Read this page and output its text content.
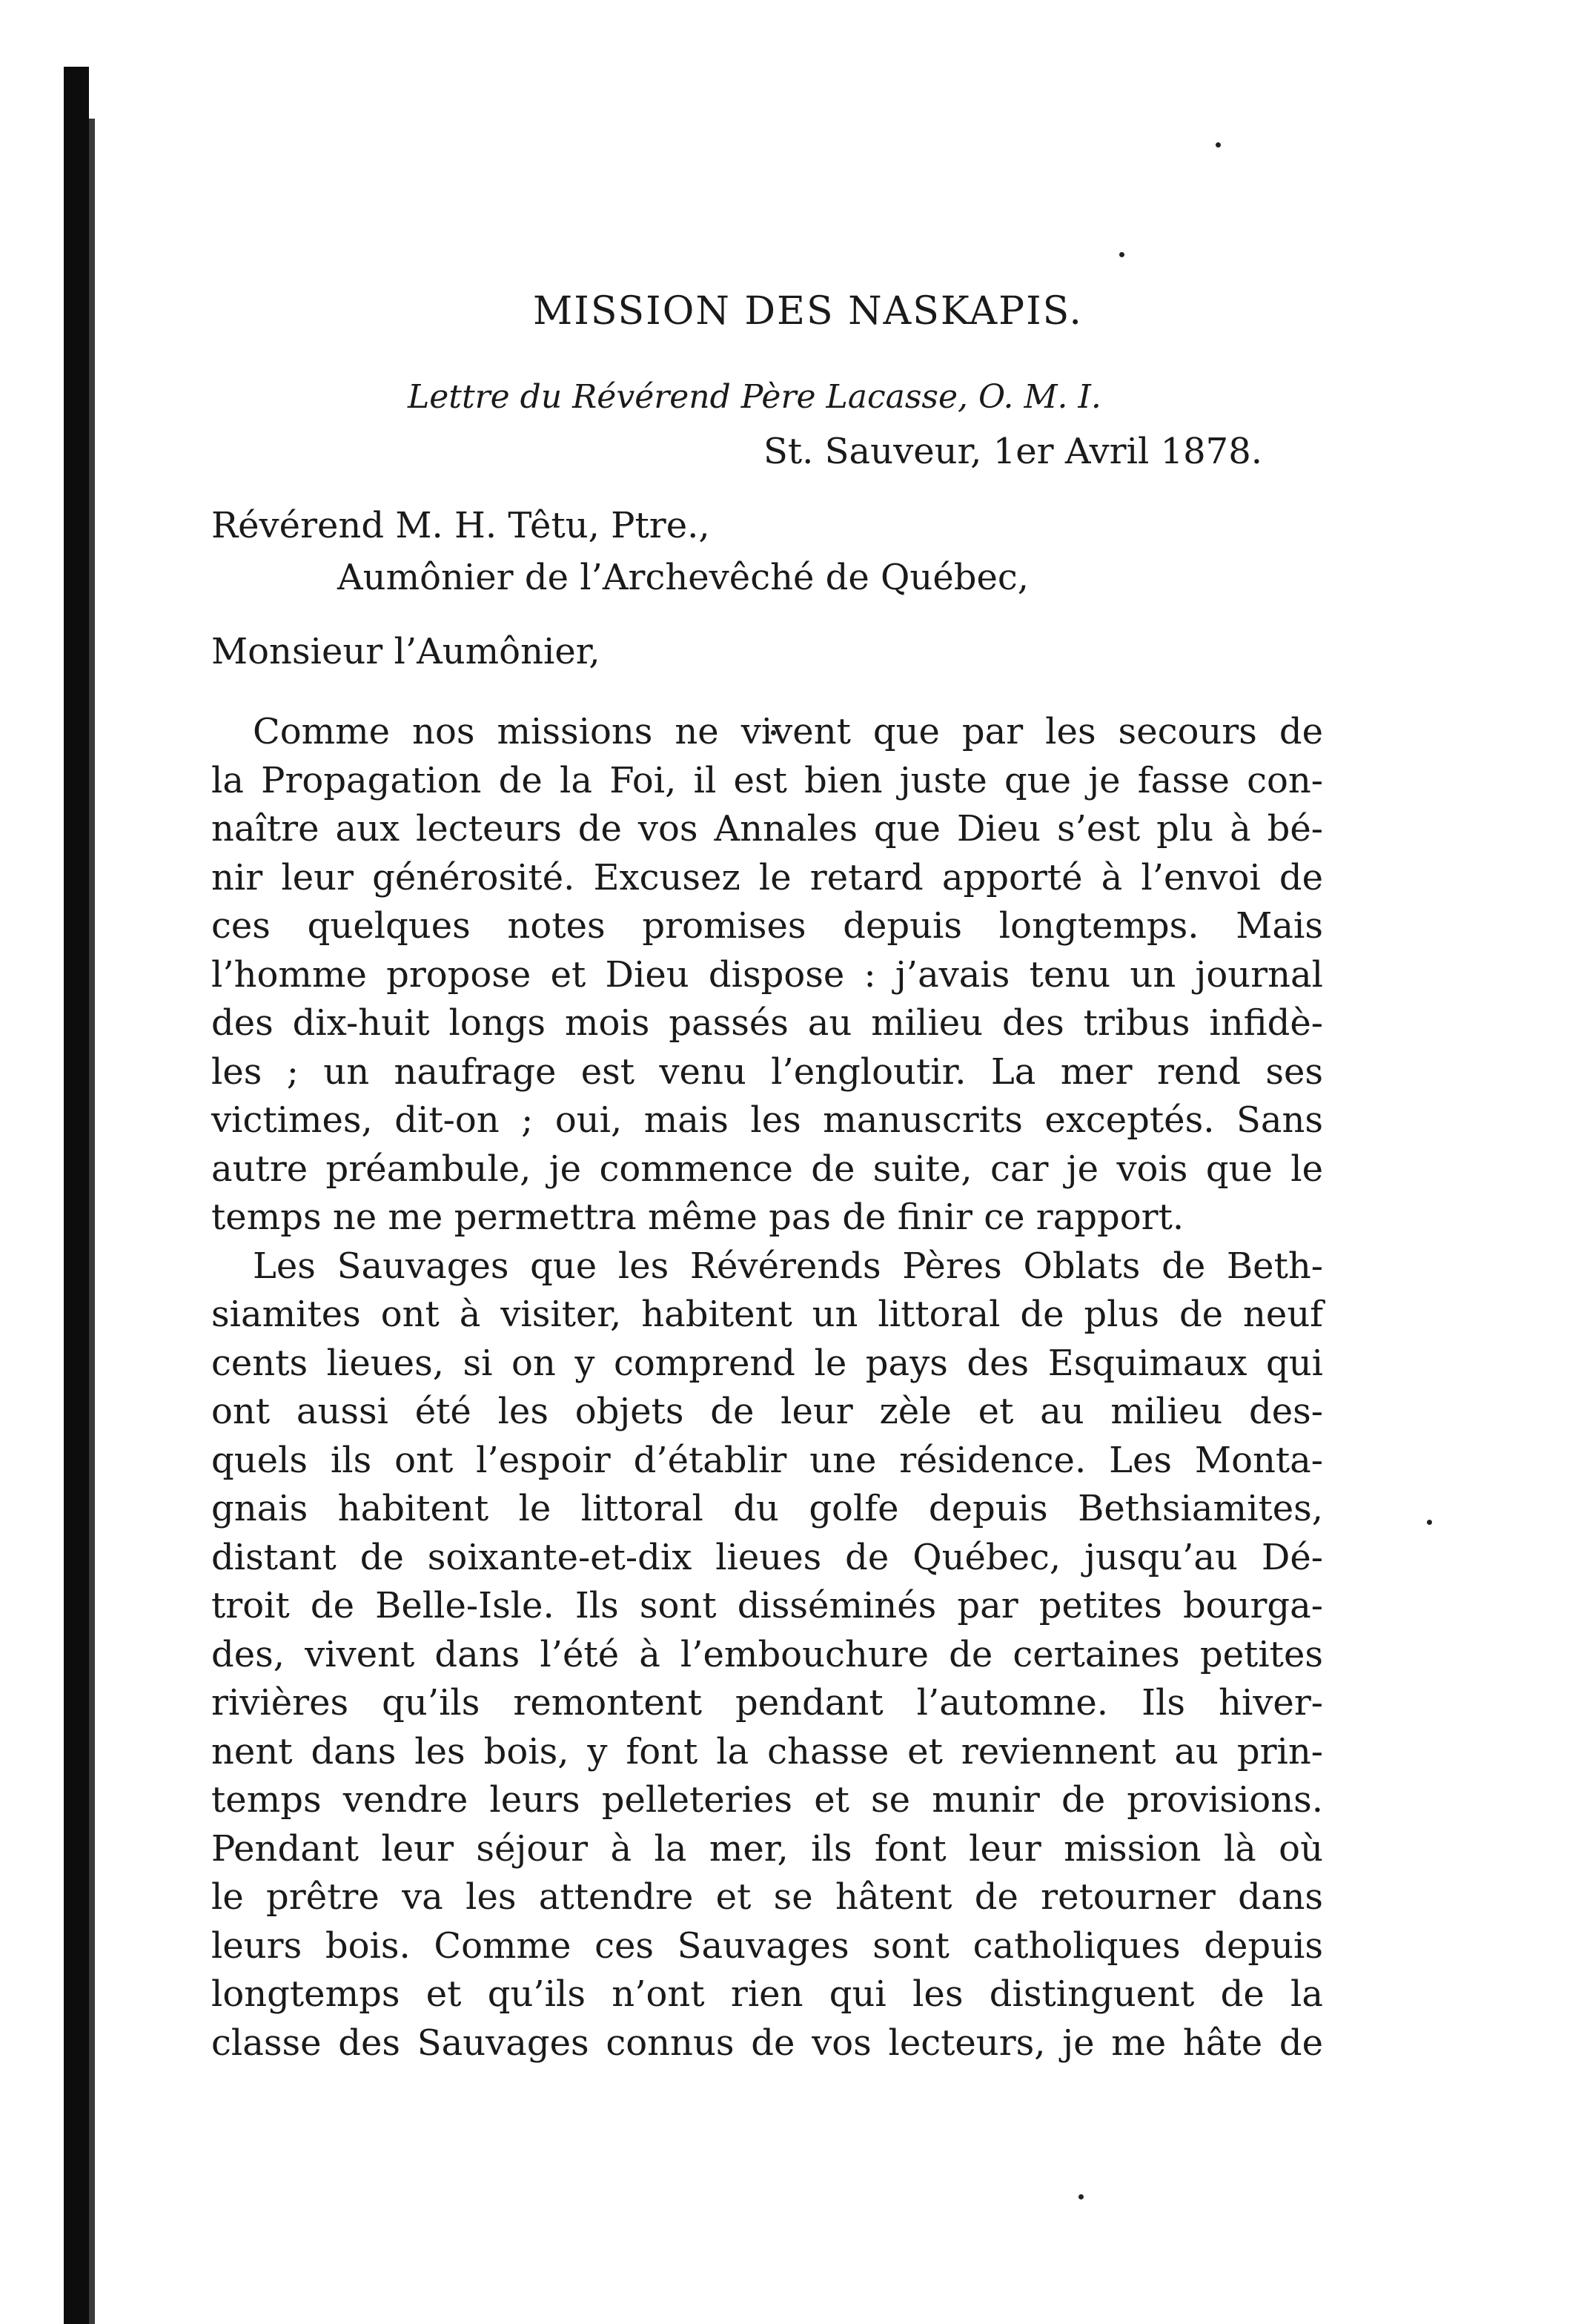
MISSION DES NASKAPIS.
Lettre du Révérend Père Lacasse, O. M. I.
St. Sauveur, 1er Avril 1878.
Révérend M. H. Têtu, Ptre.,
Aumônier de l’Archevêché de Québec,
Monsieur l’Aumônier,
Comme nos missions ne vivent que par les secours de
la Propagation de la Foi, il est bien juste que je fasse con-
naître aux lecteurs de vos Annales que Dieu s’est plu à bé-
nir leur générosité. Excusez le retard apporté à l’envoi de
ces quelques notes promises depuis longtemps. Mais
l’homme propose et Dieu dispose : j’avais tenu un journal
des dix-huit longs mois passés au milieu des tribus infidè-
les ; un naufrage est venu l’engloutir. La mer rend ses
victimes, dit-on ; oui, mais les manuscrits exceptés. Sans
autre préambule, je commence de suite, car je vois que le
temps ne me permettra même pas de finir ce rapport.
Les Sauvages que les Révérends Pères Oblats de Beth-
siamites ont à visiter, habitent un littoral de plus de neuf
cents lieues, si on y comprend le pays des Esquimaux qui
ont aussi été les objets de leur zèle et au milieu des-
quels ils ont l’espoir d’établir une résidence. Les Monta-
gnais habitent le littoral du golfe depuis Bethsiamites,
distant de soixante-et-dix lieues de Québec, jusqu’au Dé-
troit de Belle-Isle. Ils sont disséminés par petites bourga-
des, vivent dans l’été à l’embouchure de certaines petites
rivières qu’ils remontent pendant l’automne. Ils hiver-
nent dans les bois, y font la chasse et reviennent au prin-
temps vendre leurs pelleteries et se munir de provisions.
Pendant leur séjour à la mer, ils font leur mission là où
le prêtre va les attendre et se hâtent de retourner dans
leurs bois. Comme ces Sauvages sont catholiques depuis
longtemps et qu’ils n’ont rien qui les distinguent de la
classe des Sauvages connus de vos lecteurs, je me hâte de
